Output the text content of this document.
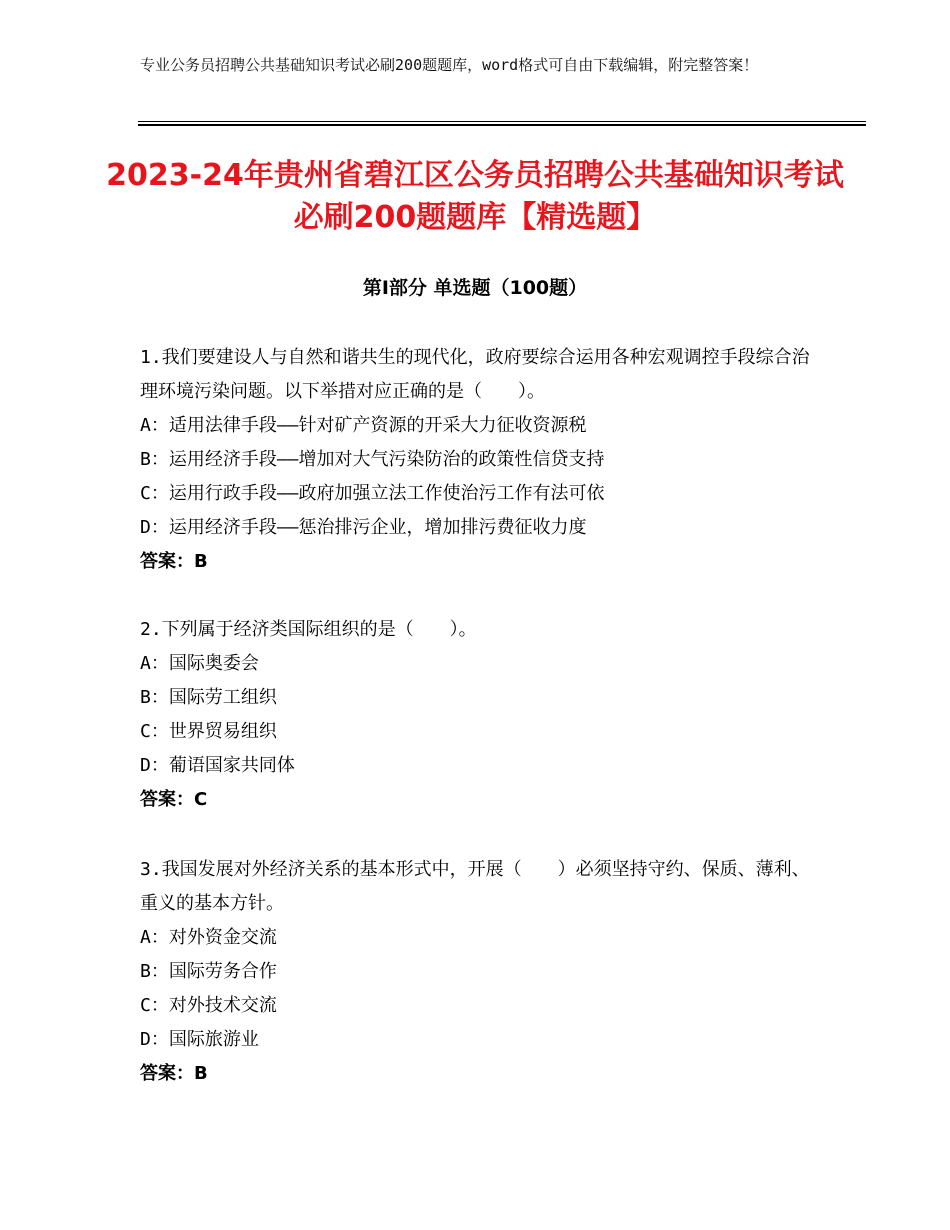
专业公务员招聘公共基础知识考试必刷200题题库，word格式可自由下载编辑，附完整答案！
2023-24年贵州省碧江区公务员招聘公共基础知识考试必刷200题题库【精选题】
第Ⅰ部分 单选题（100题）
1.我们要建设人与自然和谐共生的现代化，政府要综合运用各种宏观调控手段综合治理环境污染问题。以下举措对应正确的是（　　）。
A：适用法律手段——针对矿产资源的开采大力征收资源税
B：运用经济手段——增加对大气污染防治的政策性信贷支持
C：运用行政手段——政府加强立法工作使治污工作有法可依
D：运用经济手段——惩治排污企业，增加排污费征收力度
答案：B
2.下列属于经济类国际组织的是（　　）。
A：国际奥委会
B：国际劳工组织
C：世界贸易组织
D：葡语国家共同体
答案：C
3.我国发展对外经济关系的基本形式中，开展（　　）必须坚持守约、保质、薄利、重义的基本方针。
A：对外资金交流
B：国际劳务合作
C：对外技术交流
D：国际旅游业
答案：B
